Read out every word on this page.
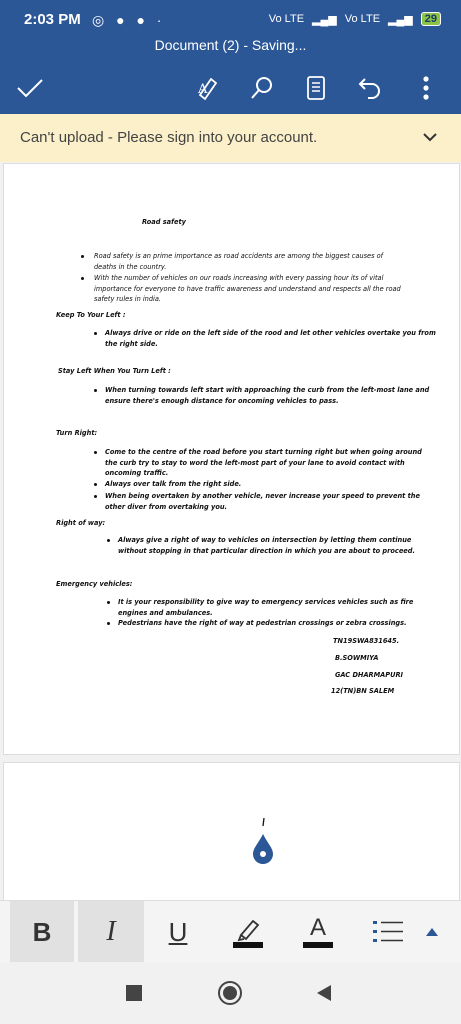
2:03 PM ◎ ● ● ·	Vo LTE ▂▄▆ Vo LTE ▂▄▆	29
Document (2) - Saving...
A
Can't upload - Please sign into your account.
Road safety
Road safety is an prime importance as road accidents are among the biggest causes of
deaths in the country.
With the number of vehicles on our roads increasing with every passing hour its of vital
importance for everyone to have traffic awareness and understand and respects all the road
safety rules in india.
Keep To Your Left :
Always drive or ride on the left side of the rood and let other vehicles overtake you from
the right side.
Stay Left When You Turn Left :
When turning towards left start with approaching the curb from the left-most lane and
ensure there's enough distance for oncoming vehicles to pass.
Turn Right:
Come to the centre of the road before you start turning right but when going around
the curb try to stay to word the left-most part of your lane to avoid contact with
oncoming traffic.
Always over talk from the right side.
When being overtaken by another vehicle, never increase your speed to prevent the
other diver from overtaking you.
Right of way:
Always give a right of way to vehicles on intersection by letting them continue
without stopping in that particular direction in which you are about to proceed.
Emergency vehicles:
It is your responsibility to give way to emergency services vehicles such as fire
engines and ambulances.
Pedestrians have the right of way at pedestrian crossings or zebra crossings.
TN19SWA831645.
B.SOWMIYA
GAC DHARMAPURI
12(TN)BN SALEM
B I U	A
